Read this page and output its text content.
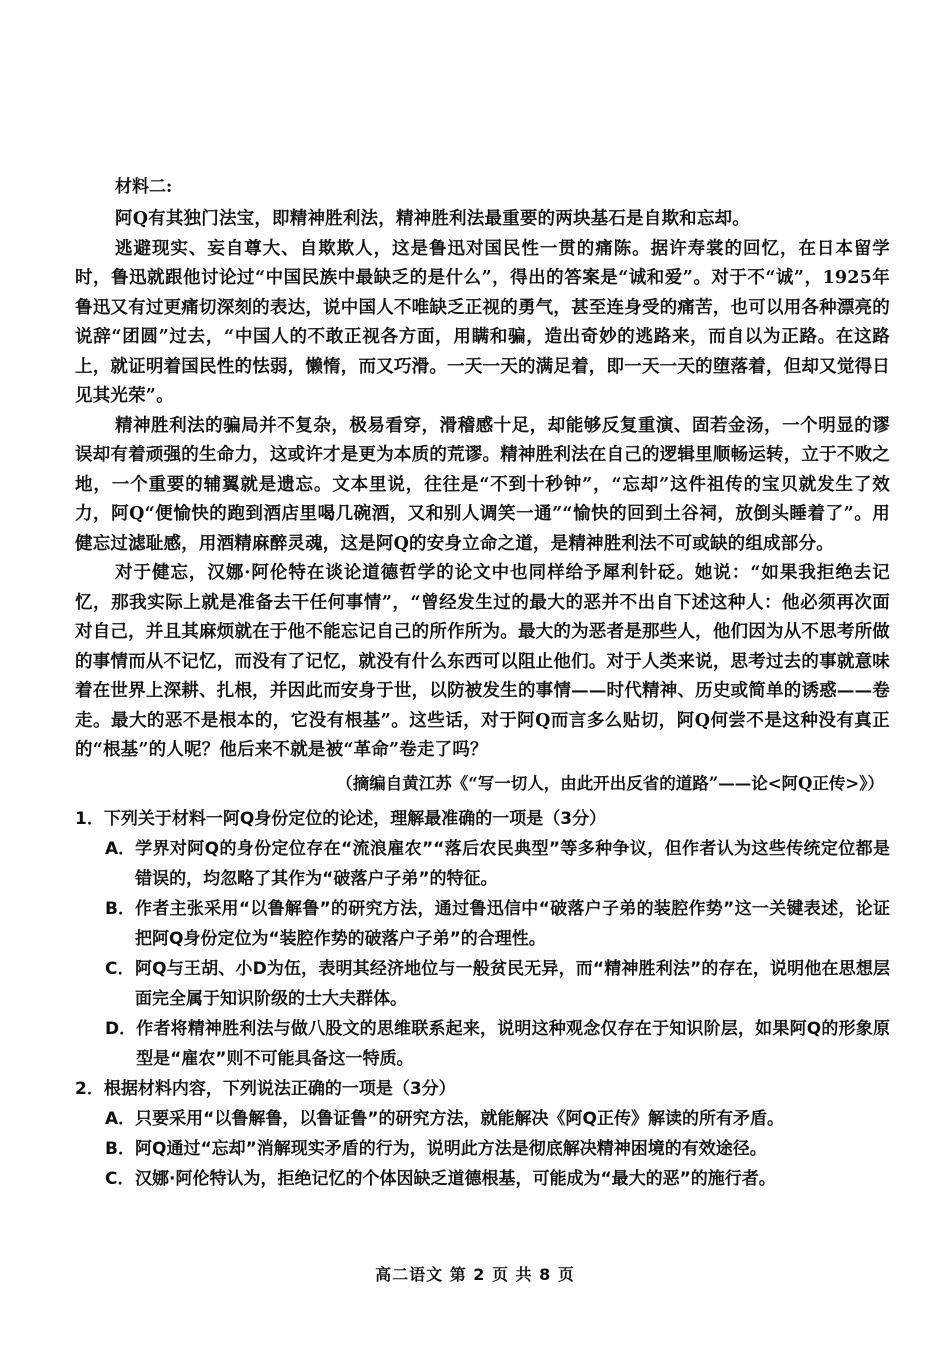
材料二:

阿Q有其独门法宝，即精神胜利法，精神胜利法最重要的两块基石是自欺和忘却。

逃避现实、妄自尊大、自欺欺人，这是鲁迅对国民性一贯的痛陈。据许寿裳的回忆，在日本留学时，鲁迅就跟他讨论过“中国民族中最缺乏的是什么”，得出的答案是“诚和爱”。对于不“诚”，1925年鲁迅又有过更痛切深刻的表达，说中国人不唯缺乏正视的勇气，甚至连身受的痛苦，也可以用各种漂亮的说辞“团圆”过去，“中国人的不敢正视各方面，用瞒和骗，造出奇妙的逃路来，而自以为正路。在这路上，就证明着国民性的怯弱，懒惰，而又巧滑。一天一天的满足着，即一天一天的堕落着，但却又觉得日见其光荣”。

精神胜利法的骗局并不复杂，极易看穿，滑稽感十足，却能够反复重演、固若金汤，一个明显的谬误却有着顽强的生命力，这或许才是更为本质的荒谬。精神胜利法在自己的逻辑里顺畅运转，立于不败之地，一个重要的辅翼就是遗忘。文本里说，往往是“不到十秒钟”，“忘却”这件祖传的宝贝就发生了效力，阿Q“便愉快的跑到酒店里喝几碗酒，又和别人调笑一通”“愉快的回到土谷祠，放倒头睡着了”。用健忘过滤耻感，用酒精麻醉灵魂，这是阿Q的安身立命之道，是精神胜利法不可或缺的组成部分。

对于健忘，汉娜·阿伦特在谈论道德哲学的论文中也同样给予犀利针砭。她说：“如果我拒绝去记忆，那我实际上就是准备去干任何事情”，“曾经发生过的最大的恶并不出自下述这种人：他必须再次面对自己，并且其麻烦就在于他不能忘记自己的所作所为。最大的为恶者是那些人，他们因为从不思考所做的事情而从不记忆，而没有了记忆，就没有什么东西可以阻止他们。对于人类来说，思考过去的事就意味着在世界上深耕、扎根，并因此而安身于世，以防被发生的事情——时代精神、历史或简单的诱惑——卷走。最大的恶不是根本的，它没有根基”。这些话，对于阿Q而言多么贴切，阿Q何尝不是这种没有真正的“根基”的人呢？他后来不就是被“革命”卷走了吗？

（摘编自黄江苏《“写一切人，由此开出反省的道路”——论<阿Q正传>》）

1．下列关于材料一阿Q身份定位的论述，理解最准确的一项是（3分）

A． 学界对阿Q的身份定位存在“流浪雇农”“落后农民典型”等多种争议，但作者认为这些传统定位都是错误的，均忽略了其作为“破落户子弟”的特征。
B． 作者主张采用“以鲁解鲁”的研究方法，通过鲁迅信中“破落户子弟的装腔作势”这一关键表述，论证把阿Q身份定位为“装腔作势的破落户子弟”的合理性。
C． 阿Q与王胡、小D为伍，表明其经济地位与一般贫民无异，而“精神胜利法”的存在，说明他在思想层面完全属于知识阶级的士大夫群体。
D． 作者将精神胜利法与做八股文的思维联系起来，说明这种观念仅存在于知识阶层，如果阿Q的形象原型是“雇农”则不可能具备这一特质。

2．根据材料内容，下列说法正确的一项是（3分）

A． 只要采用“以鲁解鲁，以鲁证鲁”的研究方法，就能解决《阿Q正传》解读的所有矛盾。
B． 阿Q通过“忘却”消解现实矛盾的行为，说明此方法是彻底解决精神困境的有效途径。
C． 汉娜·阿伦特认为，拒绝记忆的个体因缺乏道德根基，可能成为“最大的恶”的施行者。
高二语文 第 2 页 共 8 页
